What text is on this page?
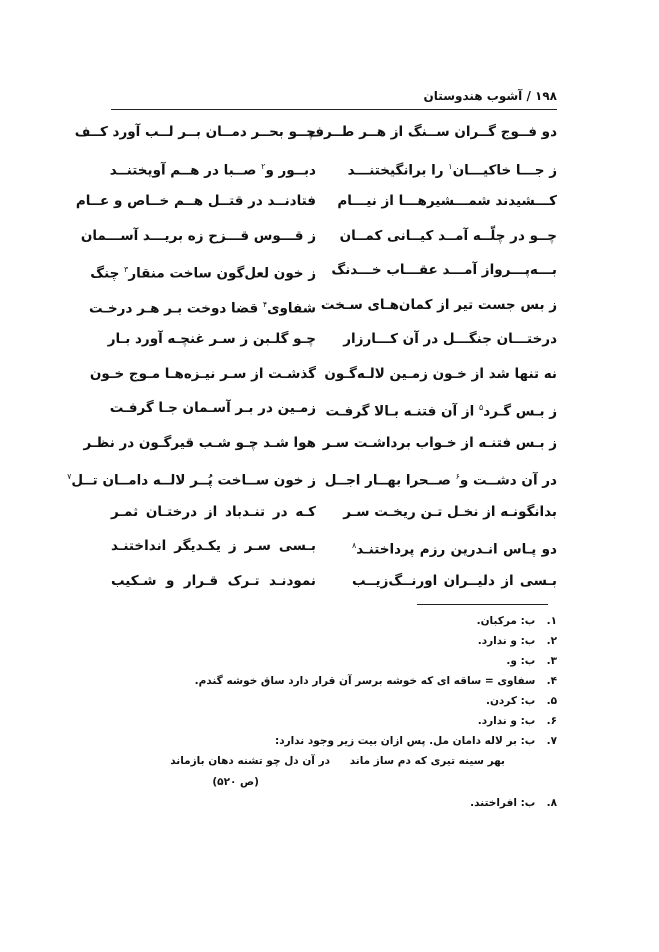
۱۹۸ / آشوب هندوستان
دو فــوج گــران ســنگ از هــر طــرف
چــو بحــر دمــان بــر لــب آورد کــف
ز جـــا خاکیـــان$^۱$ را برانگیختنـــد
دبــور و$^۲$ صــبا در هــم آویختنــد
کـــشیدند شمـــشیرهـــا از نیـــام
فتادنــد در قتــل هــم خــاص و عــام
چــو در چلّــه آمــد کیــانی کمــان
ز قـــوس قـــزح زه بریـــد آســـمان
بـــه‌پـــرواز آمـــد عقـــاب خـــدنگ
ز خون لعل‌گون ساخت منقار$^۳$ چنگ
ز بس جست تیر از کمان‌هـای سـخت
شفاوی$^۴$ قضا دوخت بـر هـر درخـت
درختـــان جنگـــل در آن کـــارزار
چـو گلـبن ز سـر غنچـه آورد بـار
نه تنها شد از خـون زمـین لالـه‌گـون
گذشـت از سـر نیـزه‌هـا مـوج خـون
ز بـس گـرد$^۵$ از آن فتنـه بـالا گرفـت
زمـین در بـر آسـمان جـا گرفـت
ز بـس فتنـه از خـواب برداشـت سـر
هوا شـد چـو شـب قیرگـون در نظـر
در آن دشــت و$^۶$ صــحرا بهــار اجــل
ز خون ســاخت پُــر لالــه دامــان تــل$^۷$
بدانگونـه از نخـل تـن ریخـت سـر
کـه در تنـدباد از درختـان ثمـر
دو پـاس انـدرین رزم پرداختنـد$^۸$
بـسی سـر ز یکـدیگر انداختنـد
بـسی از دلیــران اورنــگ‌زیــب
نمودنـد تـرک قـرار و شـکیب
۱. ب: مرکبان.
۲. ب: و ندارد.
۳. ب: و.
۴. سفاوی = ساقه ای که خوشه برسر آن قرار دارد ساق خوشه گندم.
۵. ب: کردن.
۶. ب: و ندارد.
۷. ب: بر لاله دامان مل. پس ازان بیت زیر وجود ندارد:
بهر سینه تیری که دم ساز ماند
در آن دل چو تشنه دهان بازماند
(ص ۵۲۰)
۸. ب: افراختند.
